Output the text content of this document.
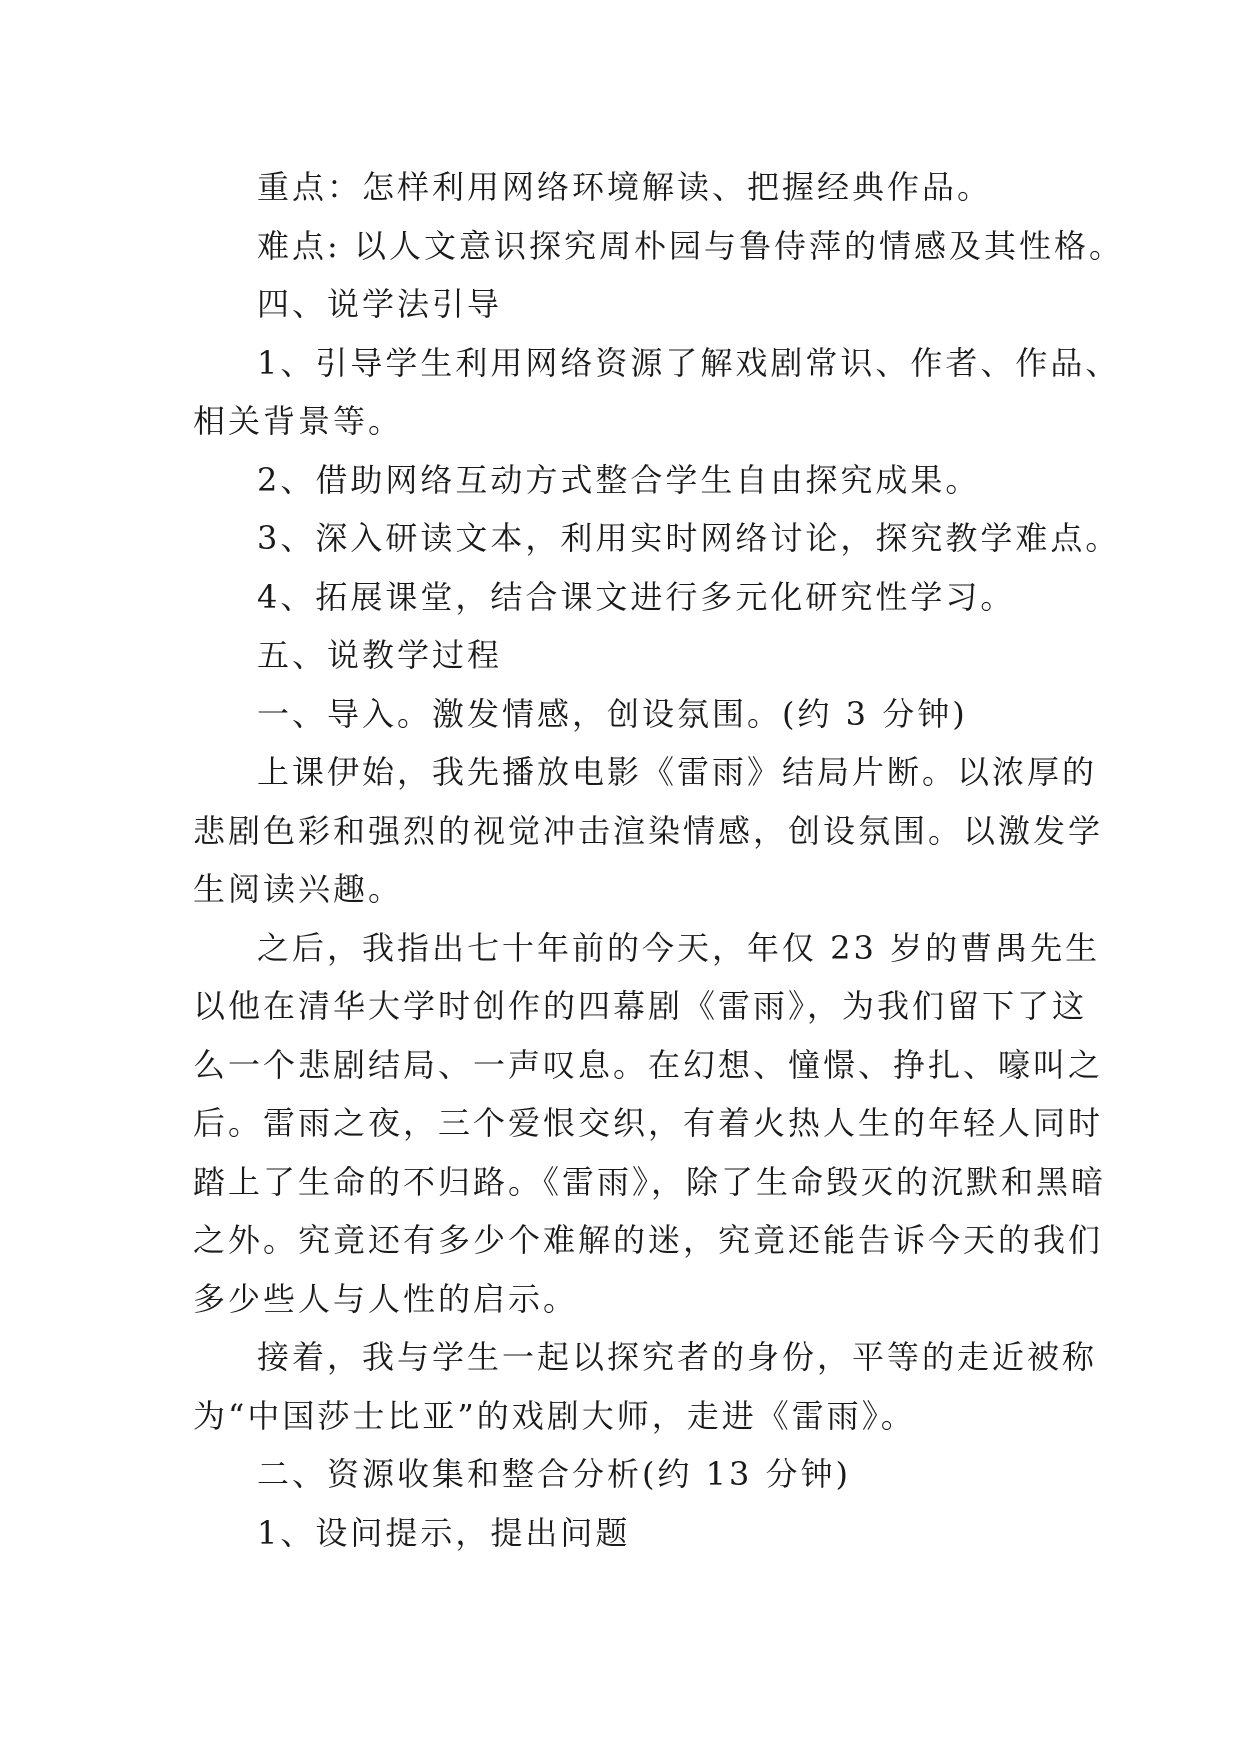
重点：怎样利用网络环境解读、把握经典作品。

难点: 以人文意识探究周朴园与鲁侍萍的情感及其性格。

四、说学法引导

1、引导学生利用网络资源了解戏剧常识、作者、作品、
相关背景等。

2、借助网络互动方式整合学生自由探究成果。

3、深入研读文本，利用实时网络讨论，探究教学难点。

4、拓展课堂，结合课文进行多元化研究性学习。

五、说教学过程

一、导入。激发情感，创设氛围。(约 3 分钟)

上课伊始，我先播放电影《雷雨》结局片断。以浓厚的
悲剧色彩和强烈的视觉冲击渲染情感，创设氛围。以激发学
生阅读兴趣。

之后，我指出七十年前的今天，年仅 23 岁的曹禺先生
以他在清华大学时创作的四幕剧《雷雨》，为我们留下了这
么一个悲剧结局、一声叹息。在幻想、憧憬、挣扎、嚎叫之
后。雷雨之夜，三个爱恨交织，有着火热人生的年轻人同时
踏上了生命的不归路。《雷雨》，除了生命毁灭的沉默和黑暗
之外。究竟还有多少个难解的迷，究竟还能告诉今天的我们
多少些人与人性的启示。

接着，我与学生一起以探究者的身份，平等的走近被称
为“中国莎士比亚”的戏剧大师，走进《雷雨》。

二、资源收集和整合分析(约 13 分钟)

1、设问提示，提出问题
